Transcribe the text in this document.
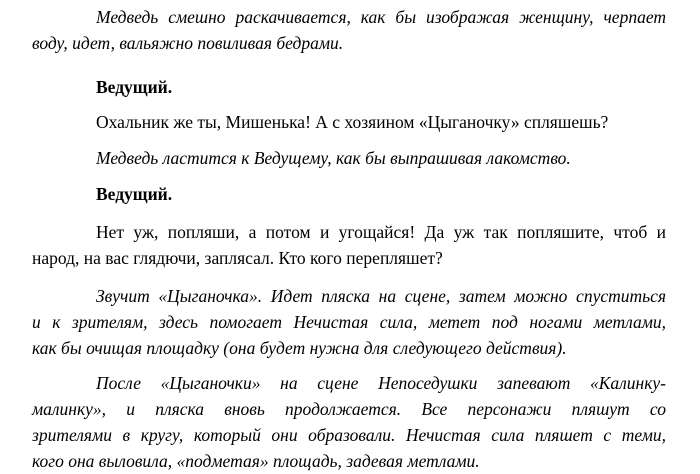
Медведь смешно раскачивается, как бы изображая женщину, черпает
воду, идет, вальяжно повиливая бедрами.

Ведущий.

Охальник же ты, Мишенька! А с хозяином «Цыганочку» спляшешь?

Медведь ластится к Ведущему, как бы выпрашивая лакомство.

Ведущий.

Нет уж, попляши, а потом и угощайся! Да уж так попляшите, чтоб и
народ, на вас глядючи, заплясал. Кто кого перепляшет?

Звучит «Цыганочка». Идет пляска на сцене, затем можно спуститься
и к зрителям, здесь помогает Нечистая сила, метет под ногами метлами,
как бы очищая площадку (она будет нужна для следующего действия).

После «Цыганочки» на сцене Непоседушки запевают «Калинку-
малинку», и пляска вновь продолжается. Все персонажи пляшут со
зрителями в кругу, который они образовали. Нечистая сила пляшет с теми,
кого она выловила, «подметая» площадь, задевая метлами.
